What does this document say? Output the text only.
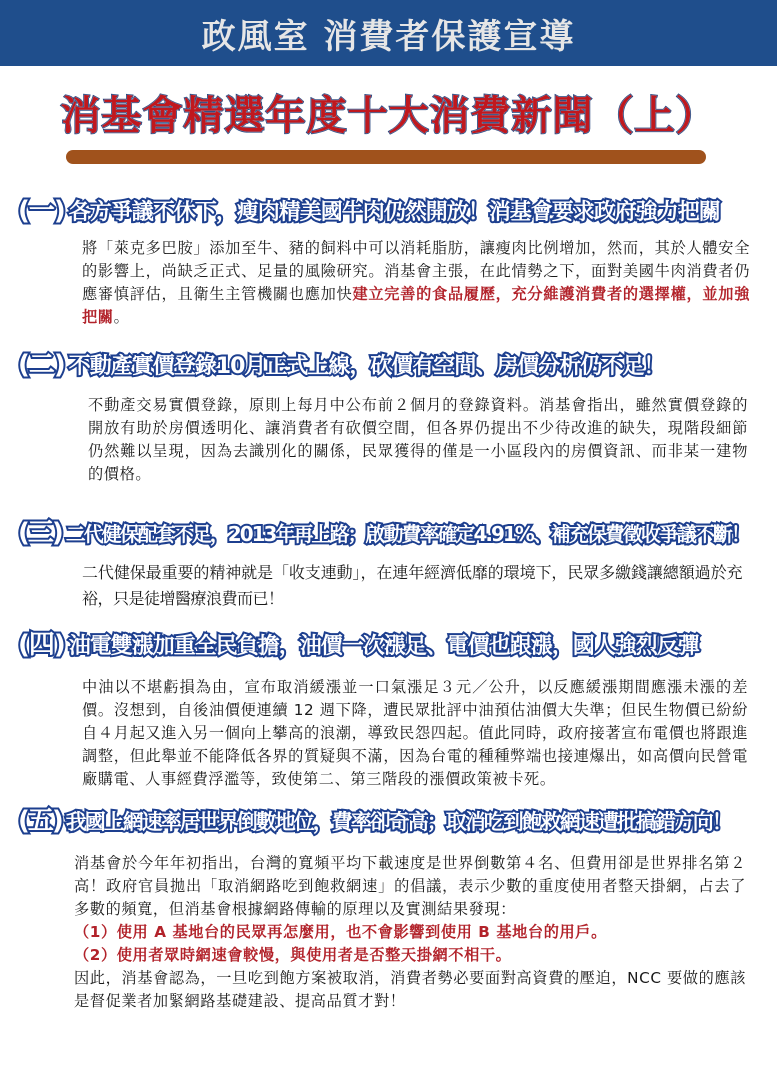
政風室 消費者保護宣導
消基會精選年度十大消費新聞（上）
(一) 各方爭議不休下，瘦肉精美國牛肉仍然開放！消基會要求政府強力把關
將「萊克多巴胺」添加至牛、豬的飼料中可以消耗脂肪，讓瘦肉比例增加，然而，其於人體安全的影響上，尚缺乏正式、足量的風險研究。消基會主張，在此情勢之下，面對美國牛肉消費者仍應審慎評估，且衛生主管機關也應加快建立完善的食品履歷，充分維護消費者的選擇權，並加強把關。
(二) 不動產實價登錄10月正式上線，砍價有空間、房價分析仍不足！
不動產交易實價登錄，原則上每月中公布前２個月的登錄資料。消基會指出，雖然實價登錄的開放有助於房價透明化、讓消費者有砍價空間，但各界仍提出不少待改進的缺失，現階段細節仍然難以呈現，因為去識別化的關係，民眾獲得的僅是一小區段內的房價資訊、而非某一建物的價格。
(三) 二代健保配套不足，2013年再上路；啟動費率確定4.91%、補充保費徵收爭議不斷！
二代健保最重要的精神就是「收支連動」，在連年經濟低靡的環境下，民眾多繳錢讓總額過於充裕，只是徒增醫療浪費而已！
(四) 油電雙漲加重全民負擔，油價一次漲足、電價也跟漲，國人強烈反彈
中油以不堪虧損為由，宣布取消緩漲並一口氣漲足３元／公升，以反應緩漲期間應漲未漲的差價。沒想到，自後油價便連續 12 週下降，遭民眾批評中油預估油價大失準；但民生物價已紛紛自４月起又進入另一個向上攀高的浪潮，導致民怨四起。值此同時，政府接著宣布電價也將跟進調整，但此舉並不能降低各界的質疑與不滿，因為台電的種種弊端也接連爆出，如高價向民營電廠購電、人事經費浮濫等，致使第二、第三階段的漲價政策被卡死。
(五) 我國上網速率居世界倒數地位，費率卻奇高；取消吃到飽救網速遭批搞錯方向！
消基會於今年年初指出，台灣的寬頻平均下載速度是世界倒數第４名、但費用卻是世界排名第２高！政府官員拋出「取消網路吃到飽救網速」的倡議，表示少數的重度使用者整天掛網，占去了多數的頻寬，但消基會根據網路傳輸的原理以及實測結果發現：
（1）使用 A 基地台的民眾再怎麼用，也不會影響到使用 B 基地台的用戶。
（2）使用者眾時網速會較慢，與使用者是否整天掛網不相干。
因此，消基會認為，一旦吃到飽方案被取消，消費者勢必要面對高資費的壓迫，NCC 要做的應該是督促業者加緊網路基礎建設、提高品質才對！
